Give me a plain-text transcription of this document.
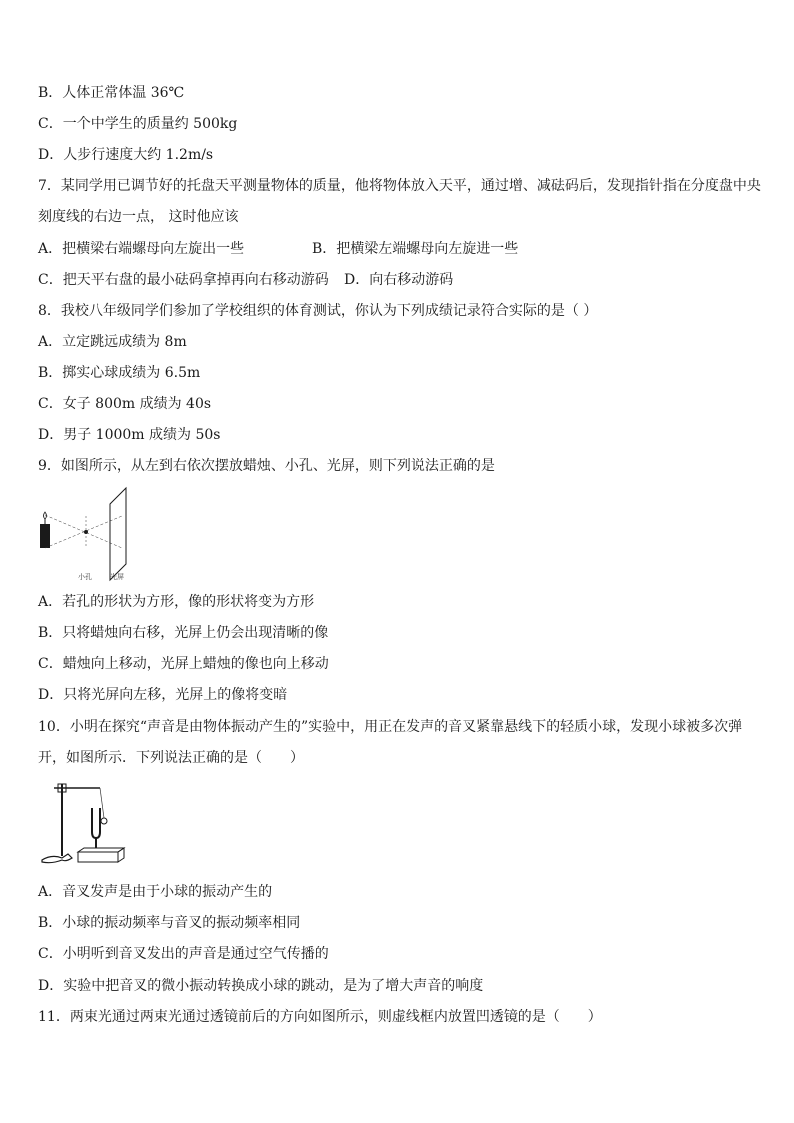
B．人体正常体温 36℃
C．一个中学生的质量约 500kg
D．人步行速度大约 1.2m/s
7．某同学用已调节好的托盘天平测量物体的质量，他将物体放入天平，通过增、减砝码后，发现指针指在分度盘中央
刻度线的右边一点， 这时他应该
A．把横梁右端螺母向左旋出一些	B．把横梁左端螺母向左旋进一些
C．把天平右盘的最小砝码拿掉再向右移动游码 D．向右移动游码
8．我校八年级同学们参加了学校组织的体育测试，你认为下列成绩记录符合实际的是（ ）
A．立定跳远成绩为 8m
B．掷实心球成绩为 6.5m
C．女子 800m 成绩为 40s
D．男子 1000m 成绩为 50s
9．如图所示，从左到右依次摆放蜡烛、小孔、光屏，则下列说法正确的是
小孔	光屏
A．若孔的形状为方形，像的形状将变为方形
B．只将蜡烛向右移，光屏上仍会出现清晰的像
C．蜡烛向上移动，光屏上蜡烛的像也向上移动
D．只将光屏向左移，光屏上的像将变暗
10．小明在探究“声音是由物体振动产生的”实验中，用正在发声的音叉紧靠悬线下的轻质小球，发现小球被多次弹
开，如图所示．下列说法正确的是（　　）
A．音叉发声是由于小球的振动产生的
B．小球的振动频率与音叉的振动频率相同
C．小明听到音叉发出的声音是通过空气传播的
D．实验中把音叉的微小振动转换成小球的跳动，是为了增大声音的响度
11．两束光通过两束光通过透镜前后的方向如图所示，则虚线框内放置凹透镜的是（　　）
